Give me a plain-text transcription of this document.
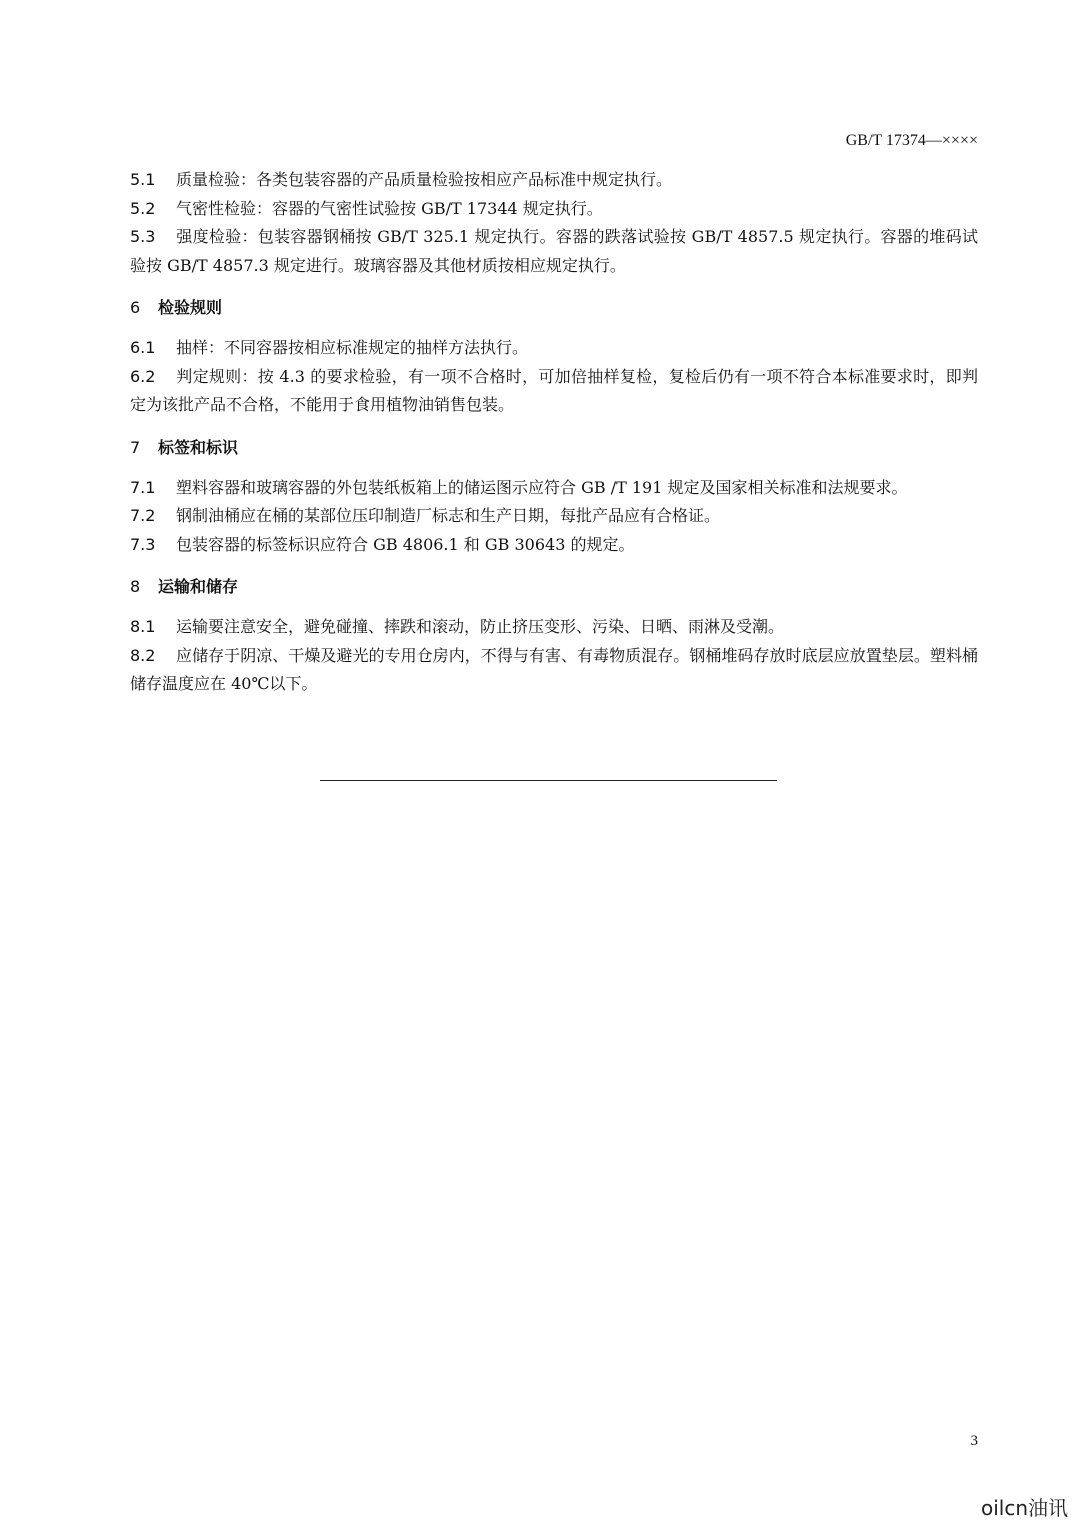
GB/T 17374—××××

5.1 质量检验：各类包装容器的产品质量检验按相应产品标准中规定执行。

5.2 气密性检验：容器的气密性试验按 GB/T 17344 规定执行。

5.3 强度检验：包装容器钢桶按 GB/T 325.1 规定执行。容器的跌落试验按 GB/T 4857.5 规定执行。容器的堆码试验按 GB/T 4857.3 规定进行。玻璃容器及其他材质按相应规定执行。

6 检验规则

6.1 抽样：不同容器按相应标准规定的抽样方法执行。

6.2 判定规则：按 4.3 的要求检验，有一项不合格时，可加倍抽样复检，复检后仍有一项不符合本标准要求时，即判定为该批产品不合格，不能用于食用植物油销售包装。

7 标签和标识

7.1 塑料容器和玻璃容器的外包装纸板箱上的储运图示应符合 GB /T 191 规定及国家相关标准和法规要求。

7.2 钢制油桶应在桶的某部位压印制造厂标志和生产日期，每批产品应有合格证。

7.3 包装容器的标签标识应符合 GB 4806.1 和 GB 30643 的规定。

8 运输和储存

8.1 运输要注意安全，避免碰撞、摔跌和滚动，防止挤压变形、污染、日晒、雨淋及受潮。

8.2 应储存于阴凉、干燥及避光的专用仓房内，不得与有害、有毒物质混存。钢桶堆码存放时底层应放置垫层。塑料桶储存温度应在 40℃以下。

3
oilcn油讯
